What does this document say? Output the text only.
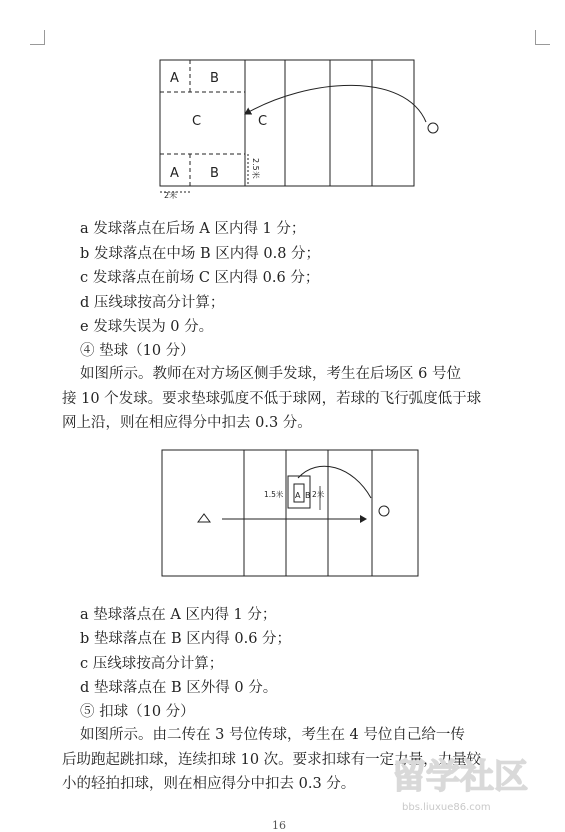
A B
C	C
A B	2.5米
2米
a 发球落点在后场 A 区内得 1 分；
b 发球落点在中场 B 区内得 0.8 分；
c 发球落点在前场 C 区内得 0.6 分；
d 压线球按高分计算；
e 发球失误为 0 分。
④ 垫球（10 分）
如图所示。教师在对方场区侧手发球，考生在后场区 6 号位
接 10 个发球。要求垫球弧度不低于球网，若球的飞行弧度低于球
网上沿，则在相应得分中扣去 0.3 分。
A B
1.5米	2米
a 垫球落点在 A 区内得 1 分；
b 垫球落点在 B 区内得 0.6 分；
c 压线球按高分计算；
d 垫球落点在 B 区外得 0 分。
⑤ 扣球（10 分）
如图所示。由二传在 3 号位传球，考生在 4 号位自己给一传
后助跑起跳扣球，连续扣球 10 次。要求扣球有一定力量，力量较
小的轻拍扣球，则在相应得分中扣去 0.3 分。	留学社区
bbs.liuxue86.com
16
